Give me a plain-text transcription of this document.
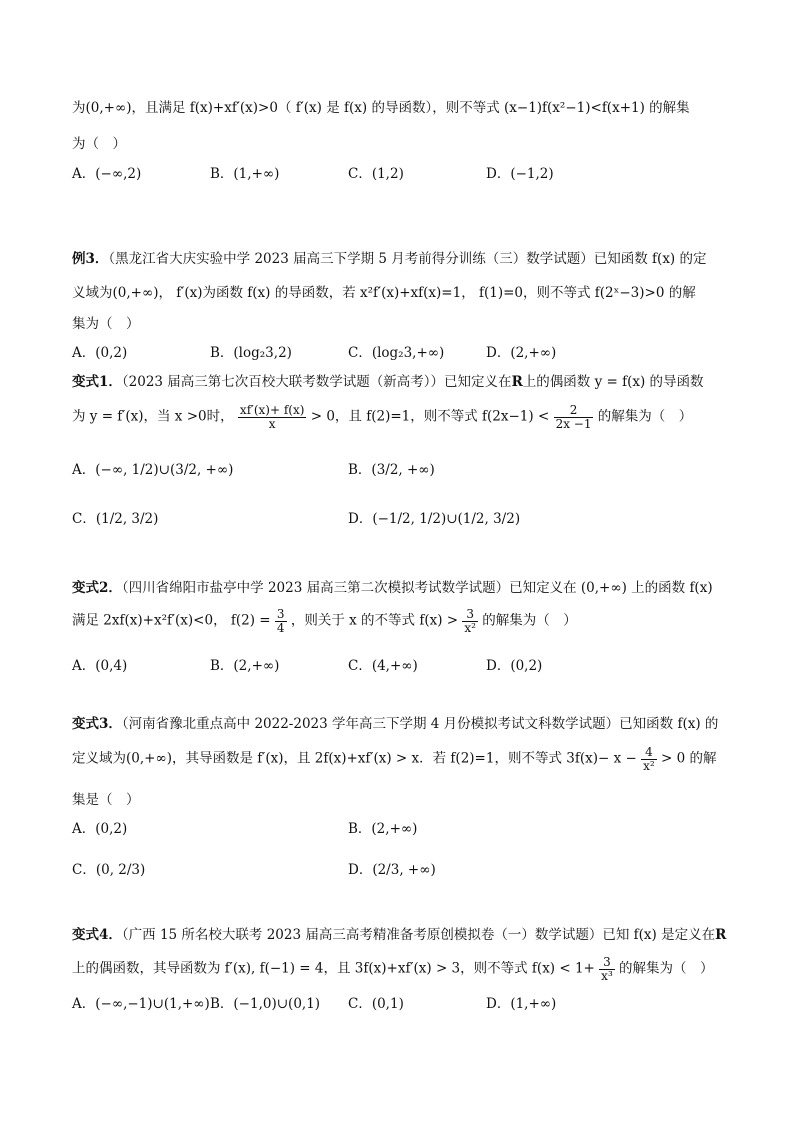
为(0,+∞)，且满足 f(x)+xf′(x)>0（ f′(x) 是 f(x) 的导函数），则不等式 (x−1)f(x²−1)<f(x+1) 的解集
为（　）
A．(−∞,2)	B．(1,+∞)	C．(1,2)	D．(−1,2)
例3．（黑龙江省大庆实验中学 2023 届高三下学期 5 月考前得分训练（三）数学试题）已知函数 f(x) 的定
义域为(0,+∞)， f′(x)为函数 f(x) 的导函数，若 x²f′(x)+xf(x)=1， f(1)=0，则不等式 f(2ˣ−3)>0 的解
集为（　）
A．(0,2)	B．(log₂3,2)	C．(log₂3,+∞)	D．(2,+∞)
变式1．（2023 届高三第七次百校大联考数学试题（新高考））已知定义在R上的偶函数 y = f(x) 的导函数
为 y = f′(x)，当 x >0时， $\frac{xf'(x)+ f(x)}{x} > 0$，且 f(2)=1，则不等式 $f(2x-1) < \frac{2}{2x -1}$ 的解集为（　）
A．(−∞, 1/2)∪(3/2, +∞)	B．(3/2, +∞)
C．(1/2, 3/2)	D．(−1/2, 1/2)∪(1/2, 3/2)
变式2．（四川省绵阳市盐亭中学 2023 届高三第二次模拟考试数学试题）已知定义在 (0,+∞) 上的函数 f(x)
满足 2xf(x)+x²f′(x)<0， $f(2) = \frac{3}{4}$ ，则关于 x 的不等式 $f(x) > \frac{3}{\text{x²}}$ 的解集为（　）
A．(0,4)	B．(2,+∞)	C．(4,+∞)	D．(0,2)
变式3．（河南省豫北重点高中 2022-2023 学年高三下学期 4 月份模拟考试文科数学试题）已知函数 f(x) 的
定义域为(0,+∞)，其导函数是 f′(x)，且 2f(x)+xf′(x) > x．若 f(2)=1，则不等式 $3f(x)- x - \frac{4}{\text{x²}} > 0$ 的解
集是（　）
A．(0,2)	B．(2,+∞)
C．(0, 2/3)	D．(2/3, +∞)
变式4．（广西 15 所名校大联考 2023 届高三高考精准备考原创模拟卷（一）数学试题）已知 f(x) 是定义在R
上的偶函数，其导函数为 f′(x), f(−1) = 4，且 3f(x)+xf′(x) > 3，则不等式 $f(x) < 1+ \frac{3}{\text{x³}}$ 的解集为（　）
A．(−∞,−1)∪(1,+∞) B．(−1,0)∪(0,1) C．(0,1)	D．(1,+∞)
